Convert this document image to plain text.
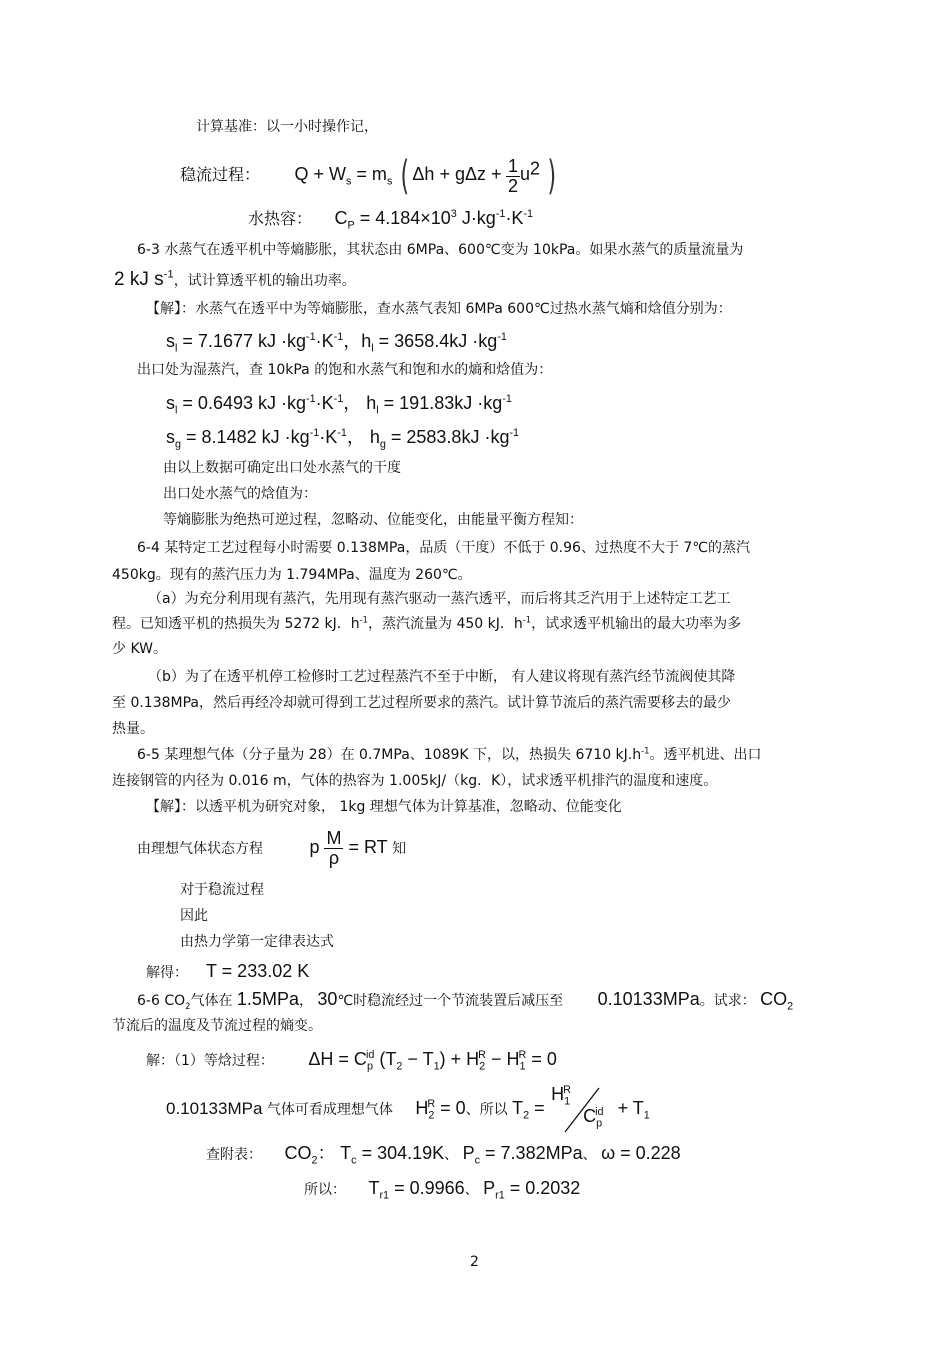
计算基准：以一小时操作记，
稳流过程： $Q + W_s = m_s$ ( $\Delta h + g\Delta z + \frac{1}{2} u^2$ )
水热容： $C_P = 4.184\times 10^3$ $J\cdot kg^{-1}\cdot K^{-1}$
6-3 水蒸气在透平机中等熵膨胀，其状态由 6MPa、600℃变为 10kPa。如果水蒸气的质量流量为
2 kJ $s^{-1}$，试计算透平机的输出功率。
【解】：水蒸气在透平中为等熵膨胀，查水蒸气表知 6MPa 600℃过热水蒸气熵和焓值分别为：
$s_l = 7.1677$ kJ $\cdot kg^{-1}\cdot K^{-1}$，$h_l = 3658.4kJ \cdot kg^{-1}$
出口处为湿蒸汽，查 10kPa 的饱和水蒸气和饱和水的熵和焓值为：
$s_l = 0.6493$ kJ $\cdot kg^{-1}\cdot K^{-1}$， $h_l = 191.83kJ \cdot kg^{-1}$
$s_g = 8.1482$ kJ $\cdot kg^{-1}\cdot K^{-1}$， $h_g = 2583.8kJ \cdot kg^{-1}$
由以上数据可确定出口处水蒸气的干度
出口处水蒸气的焓值为：
等熵膨胀为绝热可逆过程，忽略动、位能变化，由能量平衡方程知：
6-4 某特定工艺过程每小时需要 0.138MPa，品质（干度）不低于 0.96、过热度不大于 7℃的蒸汽
450kg。现有的蒸汽压力为 1.794MPa、温度为 260℃。
（a）为充分利用现有蒸汽，先用现有蒸汽驱动一蒸汽透平，而后将其乏汽用于上述特定工艺工
程。已知透平机的热损失为 5272 kJ．$h^{-1}$，蒸汽流量为 450 kJ．$h^{-1}$，试求透平机输出的最大功率为多
少 KW。
（b）为了在透平机停工检修时工艺过程蒸汽不至于中断， 有人建议将现有蒸汽经节流阀使其降
至 0.138MPa，然后再经冷却就可得到工艺过程所要求的蒸汽。试计算节流后的蒸汽需要移去的最少
热量。
6-5 某理想气体（分子量为 28）在 0.7MPa、1089K 下，以，热损失 6710 $kJ.h^{-1}$。透平机进、出口
连接钢管的内径为 0.016 m，气体的热容为 1.005kJ/（kg．K），试求透平机排汽的温度和速度。
【解】：以透平机为研究对象， 1kg 理想气体为计算基准，忽略动、位能变化
由理想气体状态方程	p $\frac{M}{\rho}$ = RT 知
对于稳流过程
因此
由热力学第一定律表达式
解得： T = 233.02 K
6-6 $CO_2$气体在 1.5MPa， 30℃时稳流经过一个节流装置后减压至 0.10133MPa。试求： $CO_2$
节流后的温度及节流过程的熵变。
解：（1）等焓过程： $\Delta H = C_p^{id}$ $(T_2 - T_1) + H_2^R - H_1^R = 0$
0.10133MPa 气体可看成理想气体 $H_2^R = 0$、所以 $T_2$ =
$H_1^R$
$C_p^{id} + T_1$
查附表： $CO_2$： $T_c = 304.19K$、 $P_c = 7.382MPa$、 ω = 0.228
所以： $T_{r1} = 0.9966$、 $P_{r1} = 0.2032$
2
